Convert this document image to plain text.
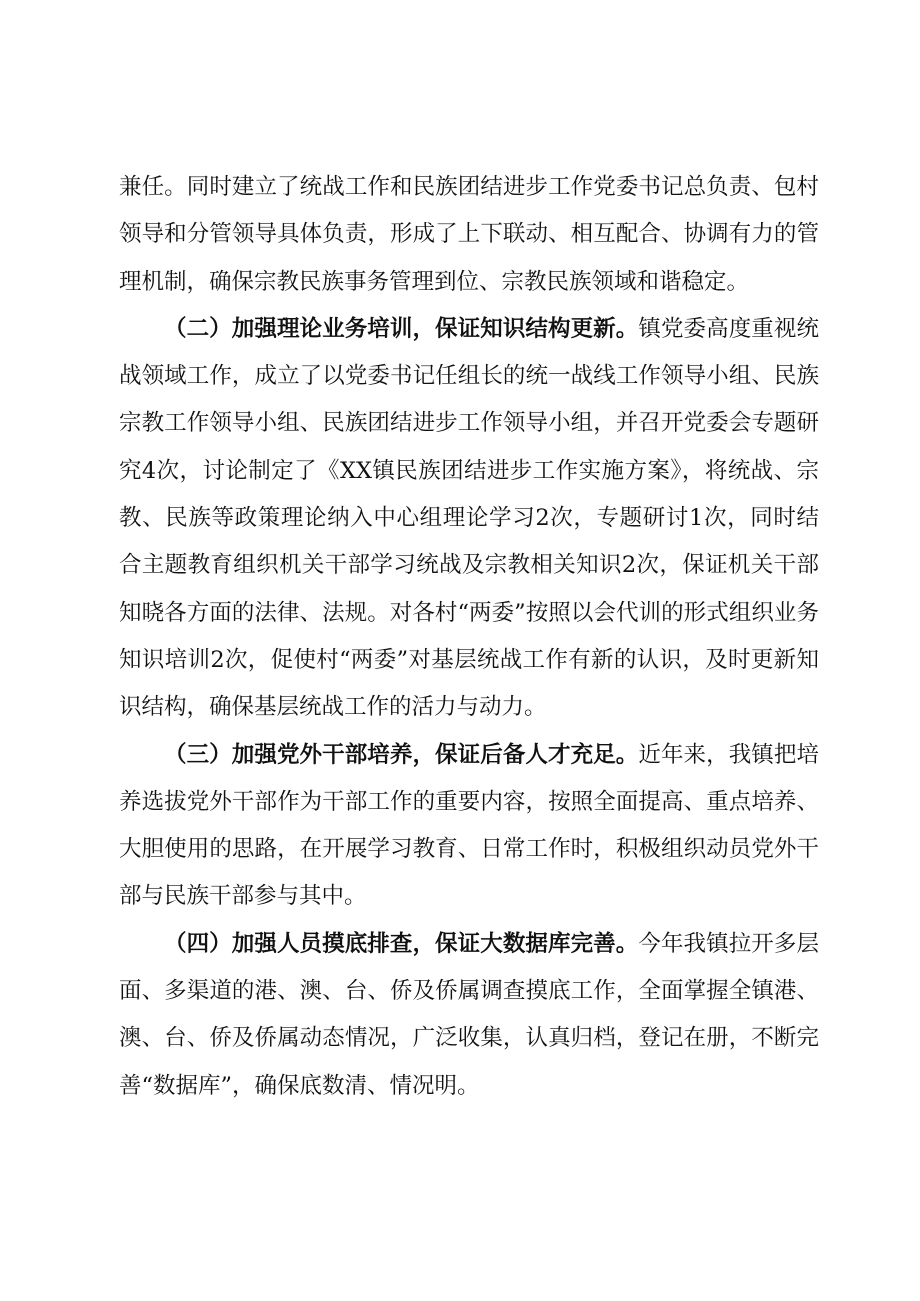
兼任。同时建立了统战工作和民族团结进步工作党委书记总负责、包村领导和分管领导具体负责，形成了上下联动、相互配合、协调有力的管理机制，确保宗教民族事务管理到位、宗教民族领域和谐稳定。

（二）加强理论业务培训，保证知识结构更新。镇党委高度重视统战领域工作，成立了以党委书记任组长的统一战线工作领导小组、民族宗教工作领导小组、民族团结进步工作领导小组，并召开党委会专题研究4次，讨论制定了《XX镇民族团结进步工作实施方案》，将统战、宗教、民族等政策理论纳入中心组理论学习2次，专题研讨1次，同时结合主题教育组织机关干部学习统战及宗教相关知识2次，保证机关干部知晓各方面的法律、法规。对各村“两委”按照以会代训的形式组织业务知识培训2次，促使村“两委”对基层统战工作有新的认识，及时更新知识结构，确保基层统战工作的活力与动力。

（三）加强党外干部培养，保证后备人才充足。近年来，我镇把培养选拔党外干部作为干部工作的重要内容，按照全面提高、重点培养、大胆使用的思路，在开展学习教育、日常工作时，积极组织动员党外干部与民族干部参与其中。

（四）加强人员摸底排查，保证大数据库完善。今年我镇拉开多层面、多渠道的港、澳、台、侨及侨属调查摸底工作，全面掌握全镇港、澳、台、侨及侨属动态情况，广泛收集，认真归档，登记在册，不断完善“数据库”，确保底数清、情况明。
